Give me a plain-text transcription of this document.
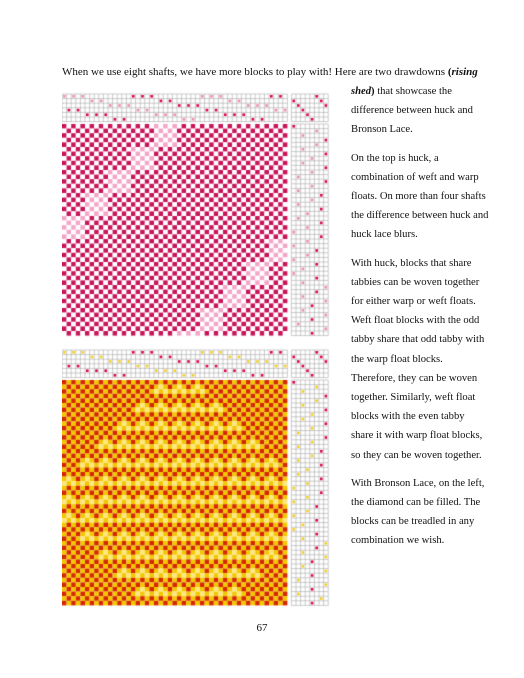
When we use eight shafts, we have more blocks to play with! Here are two drawdowns (rising

shed) that showcase the

difference between huck and Bronson Lace.

On the top is huck, a combination of weft and warp floats. On more than four shafts the difference between huck and huck lace blurs.

With huck, blocks that share tabbies can be woven together for either warp or weft floats. Weft float blocks with the odd tabby share that odd tabby with the warp float blocks. Therefore, they can be woven together. Similarly, weft float blocks with the even tabby share it with warp float blocks, so they can be woven together.

With Bronson Lace, on the left, the diamond can be filled. The blocks can be treadled in any combination we wish.

67
